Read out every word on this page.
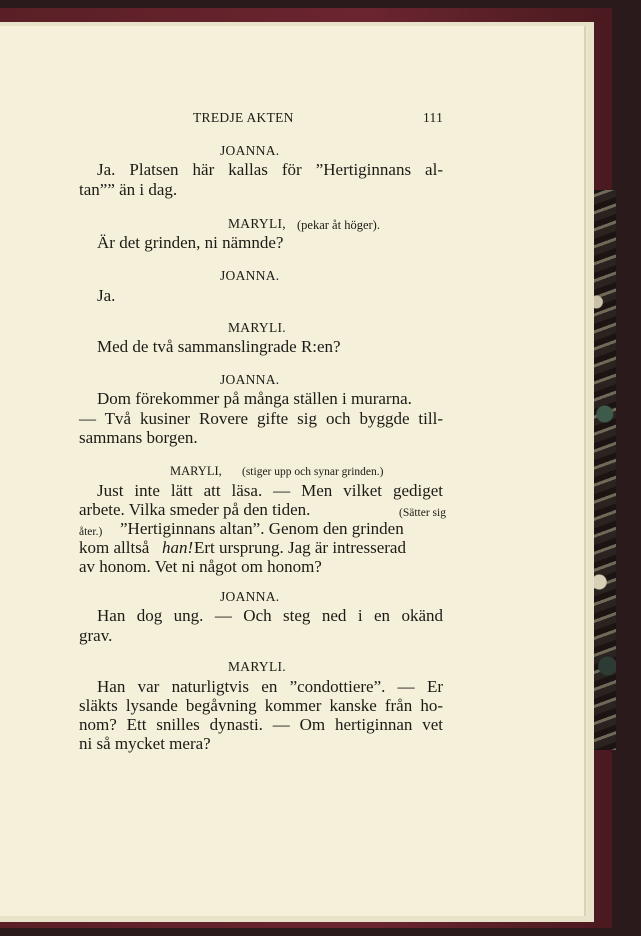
TREDJE AKTEN	111
JOANNA.
Ja. Platsen här kallas för ”Hertiginnans al-
tan”” än i dag.
MARYLI, (pekar åt höger).
Är det grinden, ni nämnde?
JOANNA.
Ja.
MARYLI.
Med de två sammanslingrade R:en?
JOANNA.
Dom förekommer på många ställen i murarna.
— Två kusiner Rovere gifte sig och byggde till-
sammans borgen.
MARYLI, (stiger upp och synar grinden.)
Just inte lätt att läsa. — Men vilket gediget
arbete. Vilka smeder på den tiden.	(Sätter sig
åter.) ”Hertiginnans altan”. Genom den grinden
kom alltså han! Ert ursprung. Jag är intresserad
av honom. Vet ni något om honom?
JOANNA.
Han dog ung. — Och steg ned i en okänd
grav.
MARYLI.
Han var naturligtvis en ”condottiere”. — Er
släkts lysande begåvning kommer kanske från ho-
nom? Ett snilles dynasti. — Om hertiginnan vet
ni så mycket mera?
